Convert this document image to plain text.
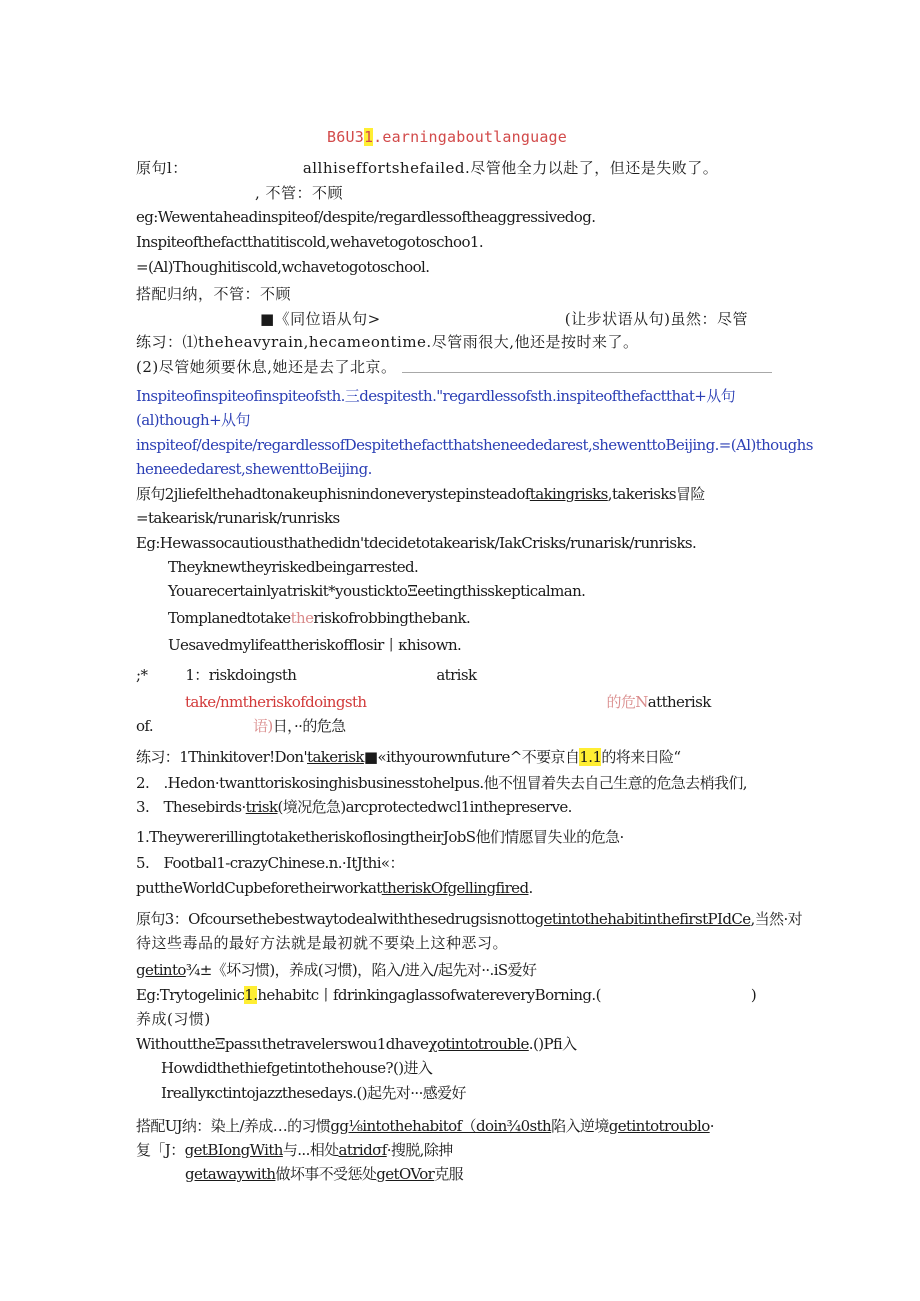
B6U31.earningaboutlanguage
原句l：	allhiseffortshefailed.尽管他全力以赴了，但还是失败了。
, 不管：不顾
eg:Wewentaheadinspiteof/despite/regardlessoftheaggressivedog.
Inspiteofthefactthatitiscold,wehavetogotoschoo1.
=(Al)Thoughitiscold,wchavetogotoschool.
搭配归纳，不管：不顾
■《同位语从句>	(让步状语从句)虽然：尽管
练习：⑴theheavyrain,hecameontime.尽管雨很大,他还是按时来了。
(2)尽管她须要休息,她还是去了北京。
Inspiteofinspiteofinspiteofsth.三despitesth."regardlessofsth.inspiteofthefactthat+从句
(al)though+从句
inspiteof/despite/regardlessofDespitethefactthatsheneededarest,shewenttoBeijing.=(Al)thoughs
heneededarest,shewenttoBeijing.
原句2jliefelthehadtonakeuphisnindoneverystepinsteadoftakingrisks,takerisks冒险
=takearisk/runarisk/runrisks
Eg:Hewassocautiousthathedidn'tdecidetotakearisk/IakCrisks/runarisk/runrisks.
Theyknewtheyriskedbeingarrested.
Youarecertainlyatriskit*yousticktoΞeetingthisskepticalman.
Tomplanedtotaketheriskofrobbingthebank.
Uesavedmylifeattheriskofflosir丨κhisown.
;*	1：riskdoingsth	atrisk
take/nmtheriskofdoingsth	的危Nattherisk
of.	语)日，··的危急
练习：1Thinkitover!Don'takerisk■«ithyourownfuture^不要京自1.1的将来日险“
2. .Hedon·twanttoriskosinghisbusinesstohelpus.他不忸冒着失去自己生意的危急去梢我们,
3. Thesebirds·trisk(境况危急)arcprotectedwcl1inthepreserve.
1.TheywererillingtotaketheriskoflosingtheirJobS他们情愿冒失业的危急·
5. Footbal1-crazyChinese.n.·ItJthi«：
puttheWorldCupbeforetheirworkattheriskOfgellingfired.
原句3：OfcoursethebestwaytodealwiththesedrugsisnottogetintothehabitinthefirstPIdCe,当然·对
待这些毒品的最好方法就是最初就不要染上这种恶习。
getinto¾±《坏习惯)，养成(习惯)，陷入/进入/起先对··.iS爱好
Eg:Trytogelinic1.hehabitc丨fdrinkingaglassofwatereveryBorning.(	)
养成(习惯)
WithouttheΞpassιthetravelerswou1dhaveχotintotrouble.()Pfi入
Howdidthethiefgetintothehouse?()进入
Ireallyκctintojazzthesedays.()起先对···感爱好
搭配UJ纳：染上/养成…的习惯gg⅛intothehabitof（doin¾0sth陷入逆境getintotroublo·
复「J：getBIongWith与...相处atridσf·搜脱,除抻
getawaywith做坏事不受惩处getOVor克服
